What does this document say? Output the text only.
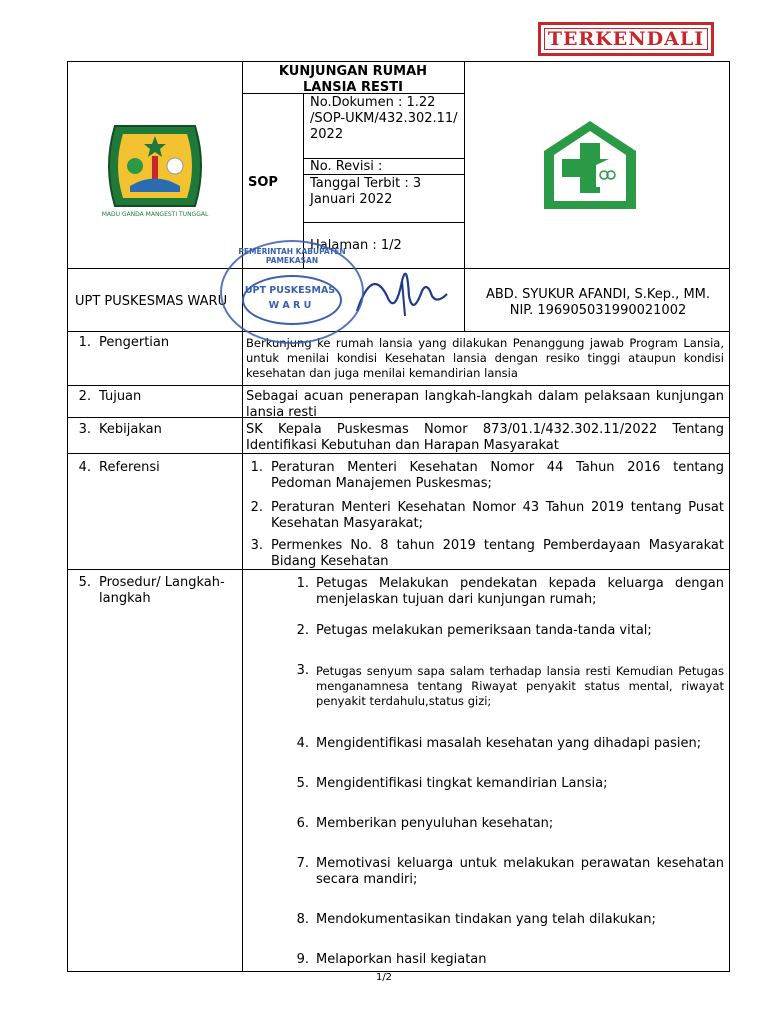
TERKENDALI
MADU GANDA MANGESTI TUNGGAL
KUNJUNGAN RUMAH LANSIA RESTI
SOP
No.Dokumen : 1.22 /SOP-UKM/432.302.11/ 2022
No. Revisi :
Tanggal Terbit : 3 Januari 2022
Halaman : 1/2
UPT PUSKESMAS WARU	ABD. SYUKUR AFANDI, S.Kep., MM.
NIP. 196905031990021002
1. Pengertian	Berkunjung ke rumah lansia yang dilakukan Penanggung jawab Program Lansia, untuk menilai kondisi Kesehatan lansia dengan resiko tinggi ataupun kondisi kesehatan dan juga menilai kemandirian lansia
2. Tujuan	Sebagai acuan penerapan langkah-langkah dalam pelaksaan kunjungan lansia resti
3. Kebijakan	SK Kepala Puskesmas Nomor 873/01.1/432.302.11/2022 Tentang Identifikasi Kebutuhan dan Harapan Masyarakat
4. Referensi	1. Peraturan Menteri Kesehatan Nomor 44 Tahun 2016 tentang Pedoman Manajemen Puskesmas;
2. Peraturan Menteri Kesehatan Nomor 43 Tahun 2019 tentang Pusat Kesehatan Masyarakat;
3. Permenkes No. 8 tahun 2019 tentang Pemberdayaan Masyarakat Bidang Kesehatan
5. Prosedur/ Langkah-langkah
1. Petugas Melakukan pendekatan kepada keluarga dengan menjelaskan tujuan dari kunjungan rumah;
2. Petugas melakukan pemeriksaan tanda-tanda vital;
3. Petugas senyum sapa salam terhadap lansia resti Kemudian Petugas menganamnesa tentang Riwayat penyakit status mental, riwayat penyakit terdahulu,status gizi;
4. Mengidentifikasi masalah kesehatan yang dihadapi pasien;
5. Mengidentifikasi tingkat kemandirian Lansia;
6. Memberikan penyuluhan kesehatan;
7. Memotivasi keluarga untuk melakukan perawatan kesehatan secara mandiri;
8. Mendokumentasikan tindakan yang telah dilakukan;
9. Melaporkan hasil kegiatan
PEMERINTAH KABUPATEN PAMEKASAN
UPT PUSKESMAS
W A R U
1/2
